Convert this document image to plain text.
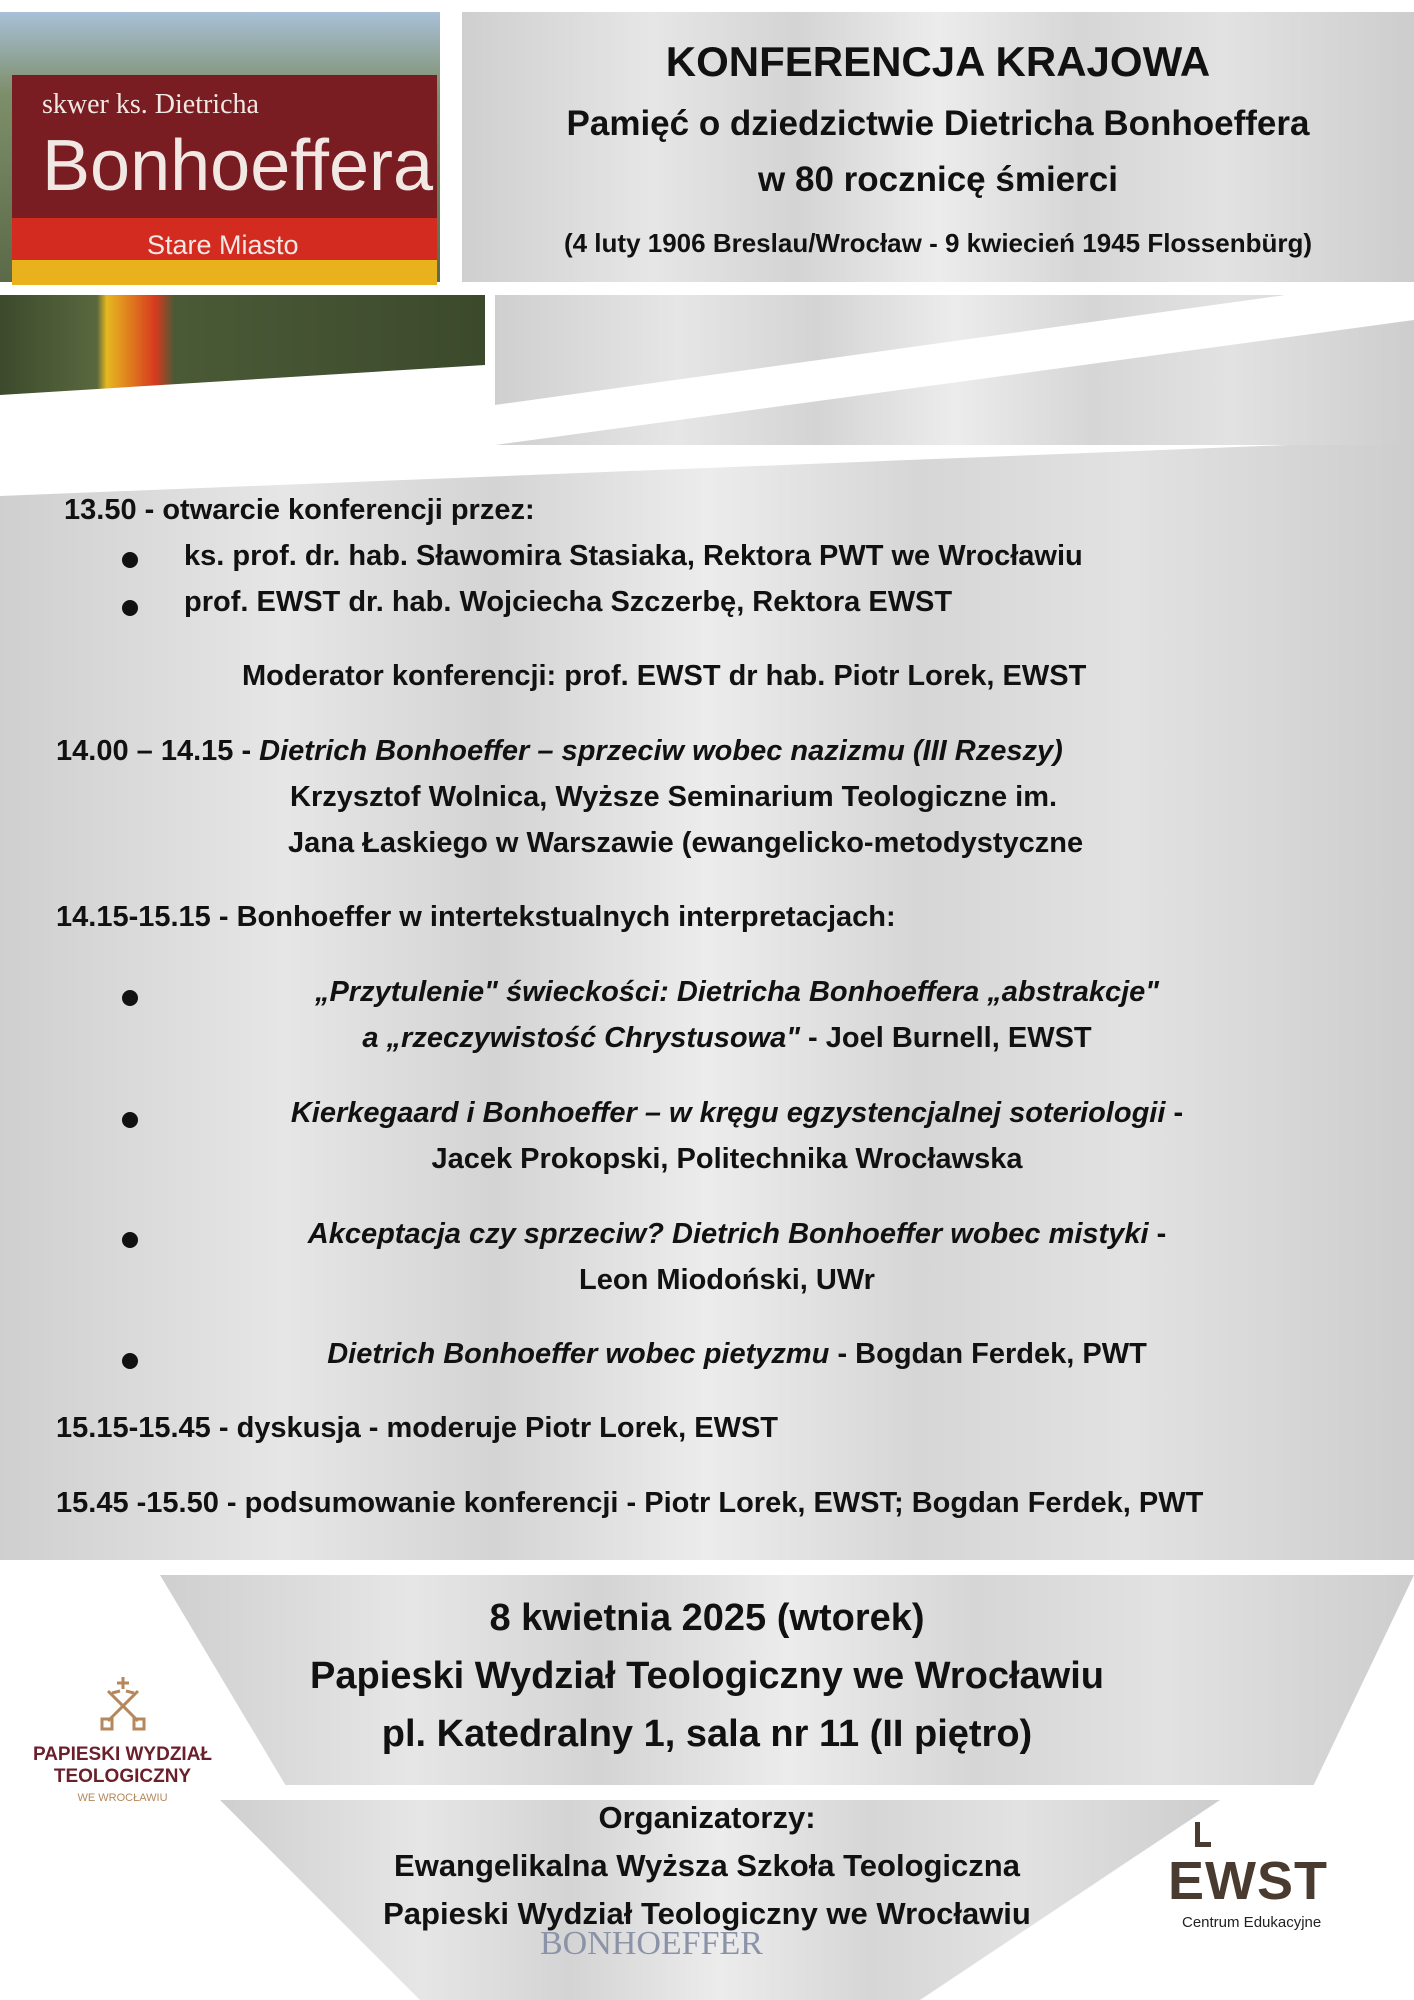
skwer ks. Dietricha
Bonhoeffera
Stare Miasto
KONFERENCJA KRAJOWA
Pamięć o dziedzictwie Dietricha Bonhoeffera
w 80 rocznicę śmierci
(4 luty 1906 Breslau/Wrocław - 9 kwiecień 1945 Flossenbürg)
13.50 - otwarcie konferencji przez:
ks. prof. dr. hab. Sławomira Stasiaka, Rektora PWT we Wrocławiu
prof. EWST dr. hab. Wojciecha Szczerbę, Rektora EWST
Moderator konferencji: prof. EWST dr hab. Piotr Lorek, EWST
14.00 – 14.15 - Dietrich Bonhoeffer – sprzeciw wobec nazizmu (III Rzeszy)
Krzysztof Wolnica, Wyższe Seminarium Teologiczne im.
Jana Łaskiego w Warszawie (ewangelicko-metodystyczne
14.15-15.15 - Bonhoeffer w intertekstualnych interpretacjach:
„Przytulenie" świeckości: Dietricha Bonhoeffera „abstrakcje"
a „rzeczywistość Chrystusowa" - Joel Burnell, EWST
Kierkegaard i Bonhoeffer – w kręgu egzystencjalnej soteriologii -
Jacek Prokopski, Politechnika Wrocławska
Akceptacja czy sprzeciw? Dietrich Bonhoeffer wobec mistyki -
Leon Miodoński, UWr
Dietrich Bonhoeffer wobec pietyzmu - Bogdan Ferdek, PWT
15.15-15.45 - dyskusja - moderuje Piotr Lorek, EWST
15.45 -15.50 - podsumowanie konferencji - Piotr Lorek, EWST; Bogdan Ferdek, PWT
BONHOEFFER
8 kwietnia 2025 (wtorek)
Papieski Wydział Teologiczny we Wrocławiu
pl. Katedralny 1, sala nr 11 (II piętro)
Organizatorzy:
Ewangelikalna Wyższa Szkoła Teologiczna
Papieski Wydział Teologiczny we Wrocławiu
PAPIESKI WYDZIAŁ
TEOLOGICZNY
WE WROCŁAWIU
EWST
Centrum Edukacyjne
